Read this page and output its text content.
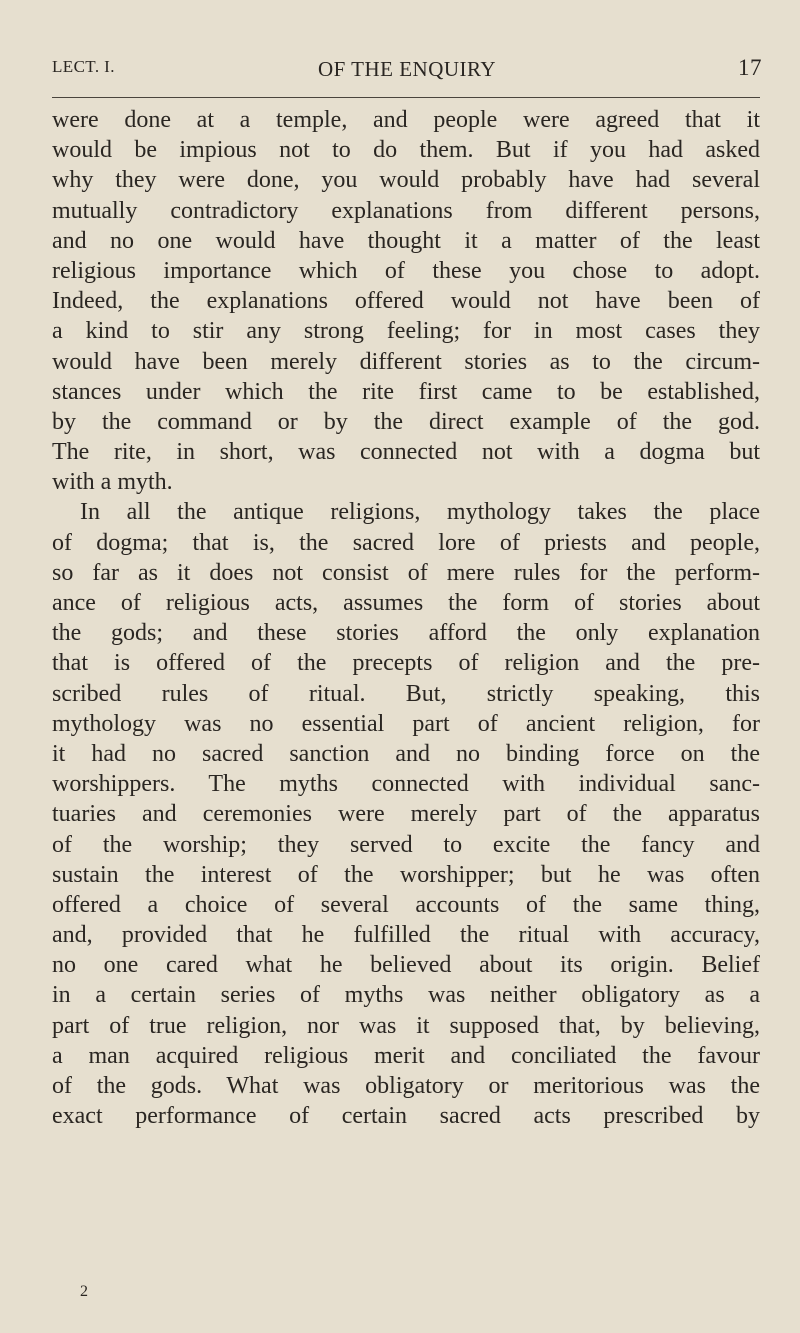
LECT. I.	OF THE ENQUIRY	17
were done at a temple, and people were agreed that it
would be impious not to do them. But if you had asked
why they were done, you would probably have had several
mutually contradictory explanations from different persons,
and no one would have thought it a matter of the least
religious importance which of these you chose to adopt.
Indeed, the explanations offered would not have been of
a kind to stir any strong feeling; for in most cases they
would have been merely different stories as to the circum-
stances under which the rite first came to be established,
by the command or by the direct example of the god.
The rite, in short, was connected not with a dogma but
with a myth.
In all the antique religions, mythology takes the place
of dogma; that is, the sacred lore of priests and people,
so far as it does not consist of mere rules for the perform-
ance of religious acts, assumes the form of stories about
the gods; and these stories afford the only explanation
that is offered of the precepts of religion and the pre-
scribed rules of ritual. But, strictly speaking, this
mythology was no essential part of ancient religion, for
it had no sacred sanction and no binding force on the
worshippers. The myths connected with individual sanc-
tuaries and ceremonies were merely part of the apparatus
of the worship; they served to excite the fancy and
sustain the interest of the worshipper; but he was often
offered a choice of several accounts of the same thing,
and, provided that he fulfilled the ritual with accuracy,
no one cared what he believed about its origin. Belief
in a certain series of myths was neither obligatory as a
part of true religion, nor was it supposed that, by believing,
a man acquired religious merit and conciliated the favour
of the gods. What was obligatory or meritorious was the
exact performance of certain sacred acts prescribed by
2
